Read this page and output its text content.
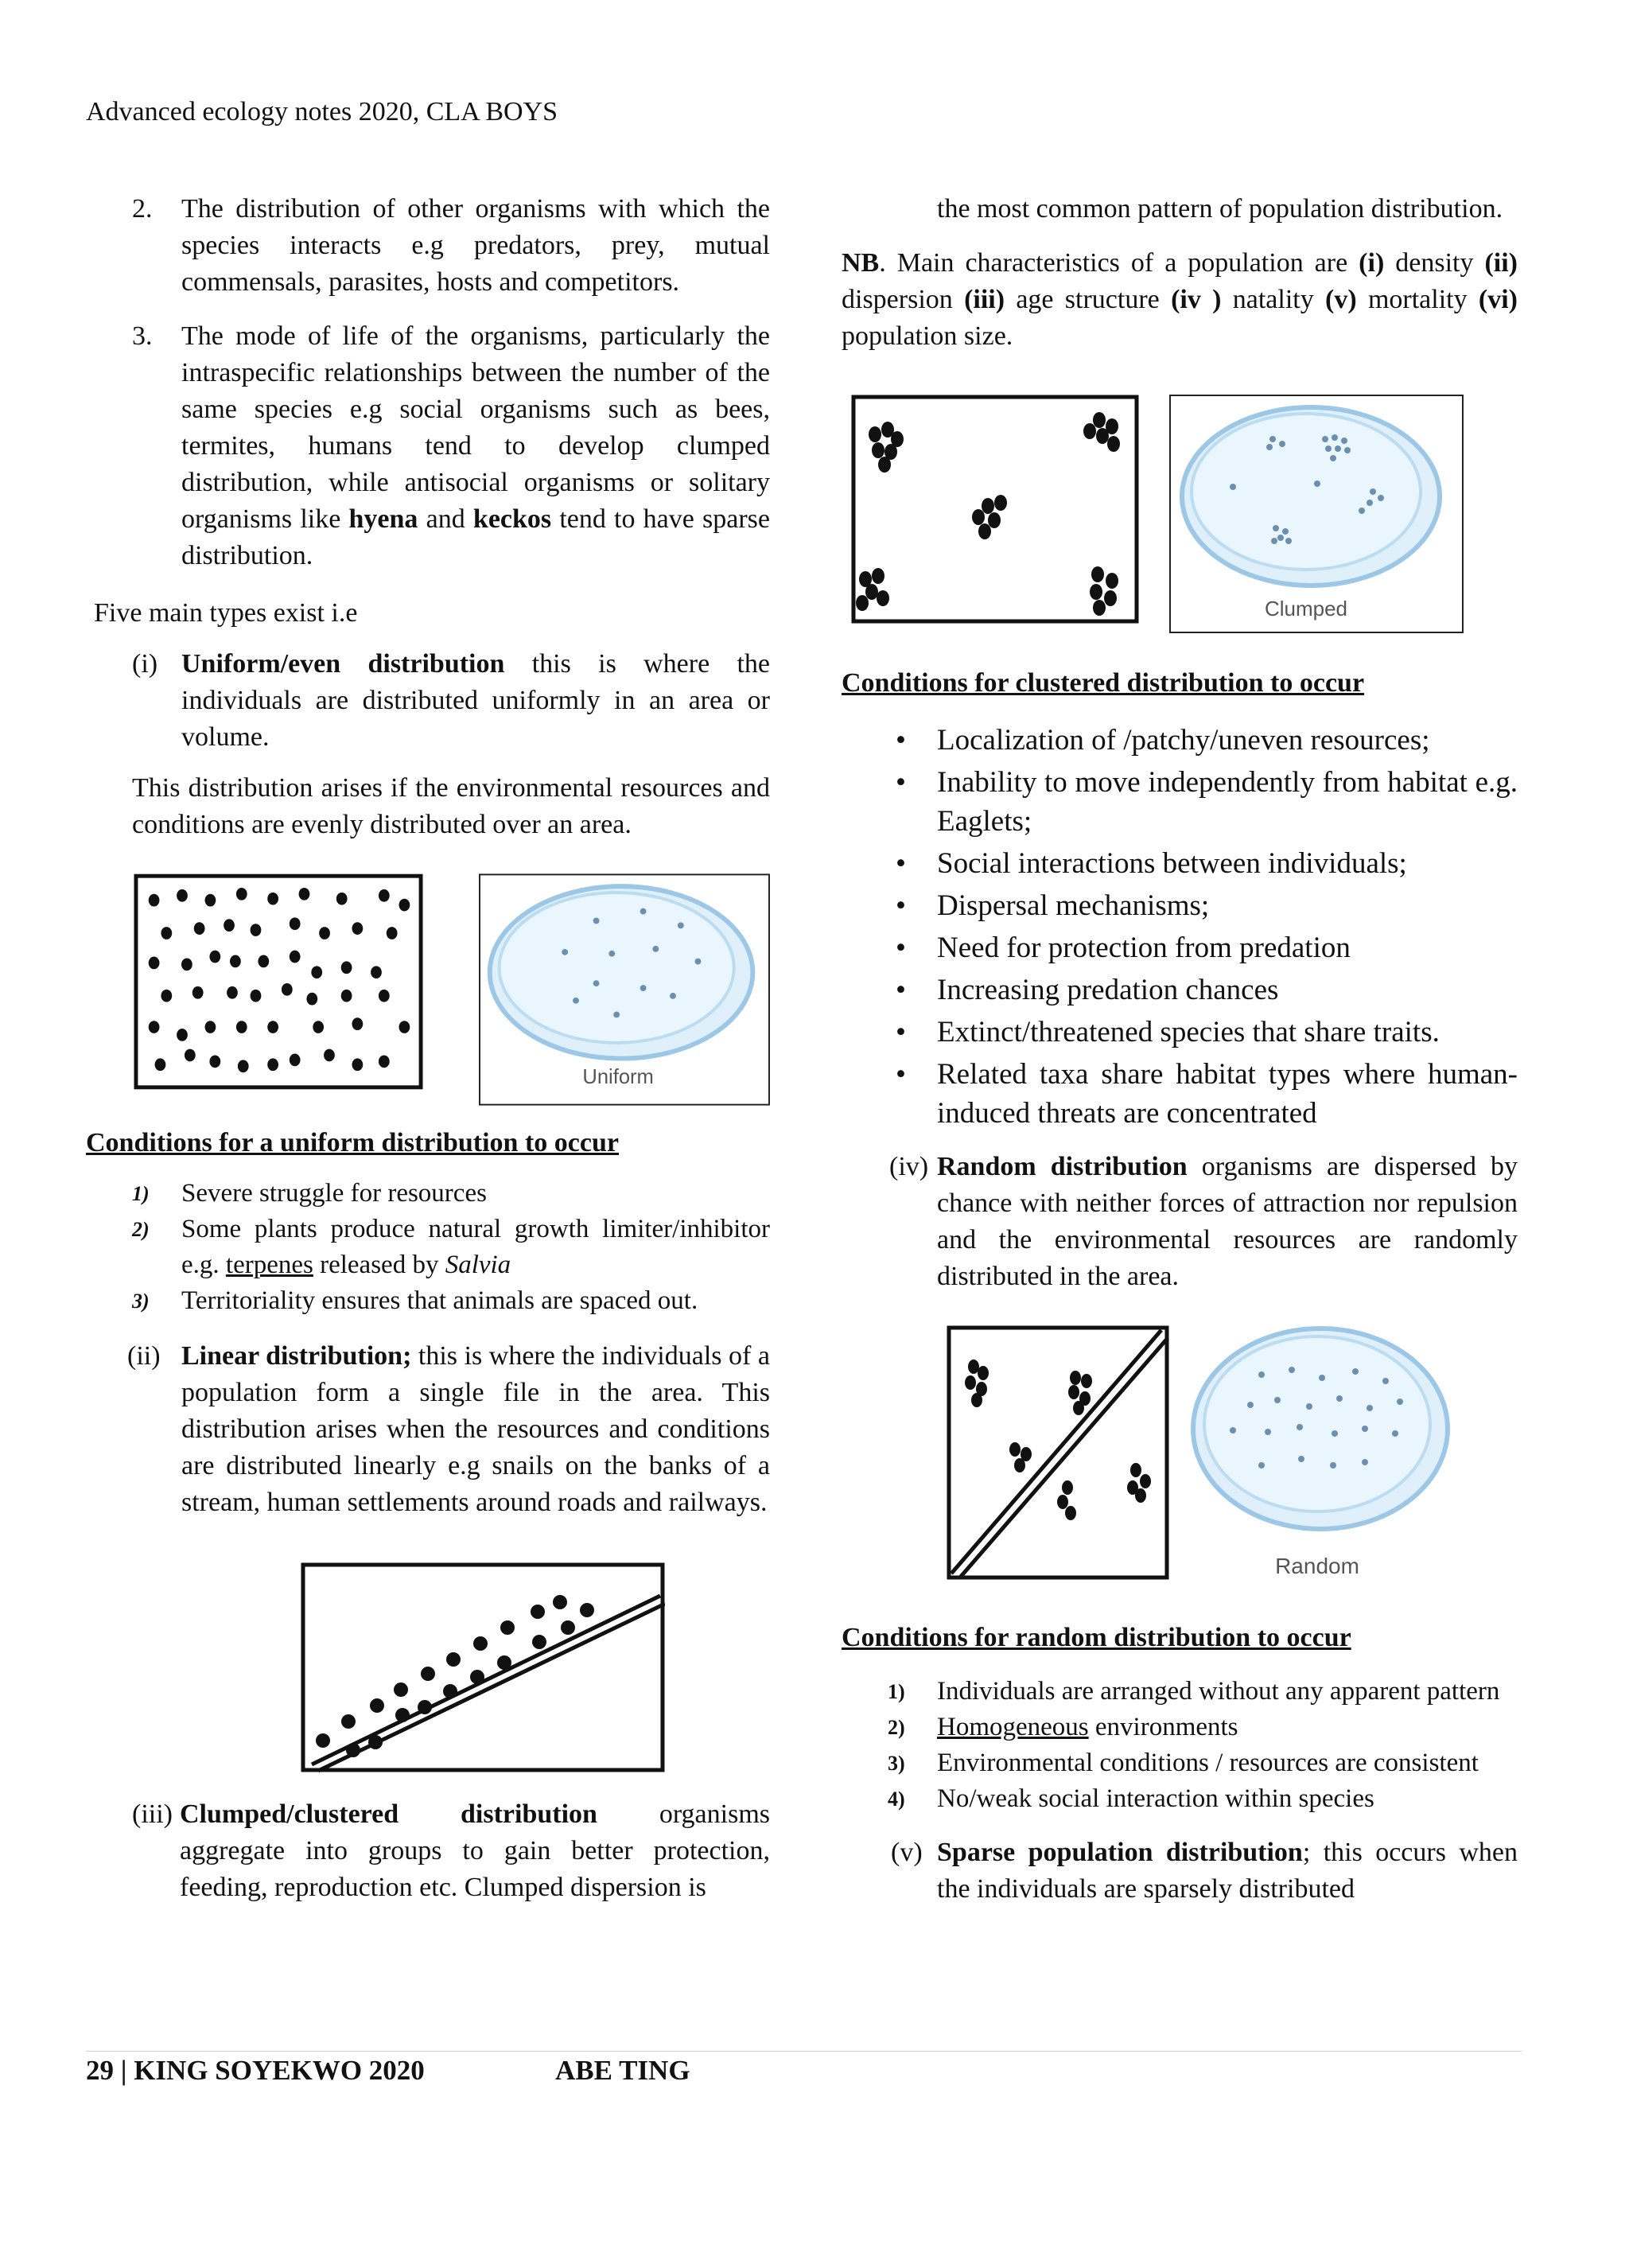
Advanced ecology notes 2020, CLA BOYS
2. The distribution of other organisms with which the species interacts e.g predators, prey, mutual commensals, parasites, hosts and competitors.
3. The mode of life of the organisms, particularly the intraspecific relationships between the number of the same species e.g social organisms such as bees, termites, humans tend to develop clumped distribution, while antisocial organisms or solitary organisms like hyena and keckos tend to have sparse distribution.
Five main types exist i.e
(i) Uniform/even distribution this is where the individuals are distributed uniformly in an area or volume.
This distribution arises if the environmental resources and conditions are evenly distributed over an area.
Uniform
Conditions for a uniform distribution to occur
1) Severe struggle for resources
2) Some plants produce natural growth limiter/inhibitor e.g. terpenes released by Salvia
3) Territoriality ensures that animals are spaced out.
(ii) Linear distribution; this is where the individuals of a population form a single file in the area. This distribution arises when the resources and conditions are distributed linearly e.g snails on the banks of a stream, human settlements around roads and railways.
(iii) Clumped/clustered distribution organisms aggregate into groups to gain better protection, feeding, reproduction etc. Clumped dispersion is
the most common pattern of population distribution.
NB. Main characteristics of a population are (i) density (ii) dispersion (iii) age structure (iv ) natality (v) mortality (vi) population size.
Clumped
Conditions for clustered distribution to occur
• Localization of /patchy/uneven resources;
• Inability to move independently from habitat e.g. Eaglets;
• Social interactions between individuals;
• Dispersal mechanisms;
• Need for protection from predation
• Increasing predation chances
• Extinct/threatened species that share traits.
• Related taxa share habitat types where human-induced threats are concentrated
(iv) Random distribution organisms are dispersed by chance with neither forces of attraction nor repulsion and the environmental resources are randomly distributed in the area.
Random
Conditions for random distribution to occur
1) Individuals are arranged without any apparent pattern
2) Homogeneous environments
3) Environmental conditions / resources are consistent
4) No/weak social interaction within species
(v) Sparse population distribution; this occurs when the individuals are sparsely distributed
29 | KING SOYEKWO 2020	ABE TING
